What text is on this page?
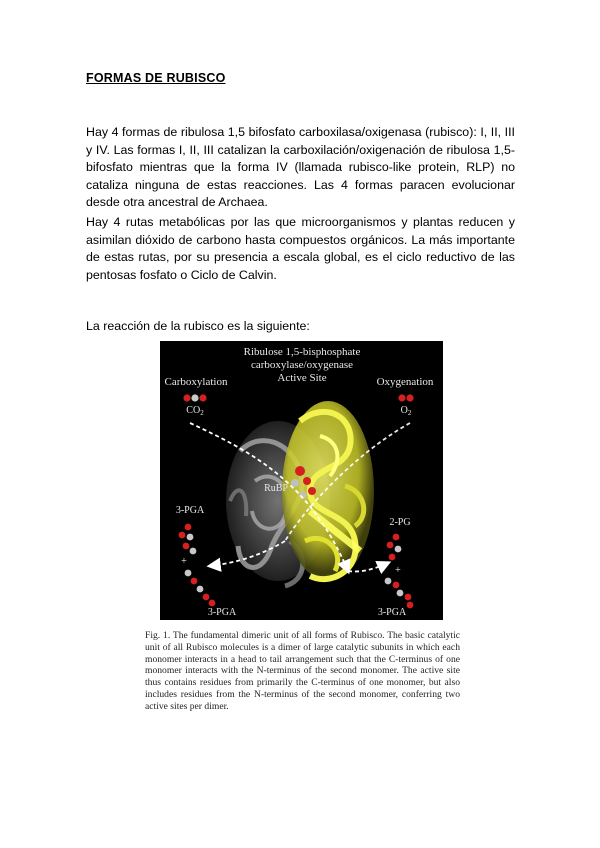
FORMAS DE RUBISCO
Hay 4 formas de ribulosa 1,5 bifosfato carboxilasa/oxigenasa (rubisco): I, II, III y IV. Las formas I, II, III catalizan la carboxilación/oxigenación de ribulosa 1,5-bifosfato mientras que la forma IV (llamada rubisco-like protein, RLP) no cataliza ninguna de estas reacciones. Las 4 formas paracen evolucionar desde otra ancestral de Archaea.
Hay 4 rutas metabólicas por las que microorganismos y plantas reducen y asimilan dióxido de carbono hasta compuestos orgánicos. La más importante de estas rutas, por su presencia a escala global, es el ciclo reductivo de las pentosas fosfato o Ciclo de Calvin.
La reacción de la rubisco es la siguiente:
Ribulose 1,5-bisphosphate
carboxylase/oxygenase
Active Site
Carboxylation
$CO_2$
Oxygenation
$O_2$
RuBP
3-PGA
+
3-PGA
2-PG
+
3-PGA
Fig. 1. The fundamental dimeric unit of all forms of Rubisco. The basic catalytic unit of all Rubisco molecules is a dimer of large catalytic subunits in which each monomer interacts in a head to tail arrangement such that the C-terminus of one monomer interacts with the N-terminus of the second monomer. The active site thus contains residues from primarily the C-terminus of one monomer, but also includes residues from the N-terminus of the second monomer, conferring two active sites per dimer.
